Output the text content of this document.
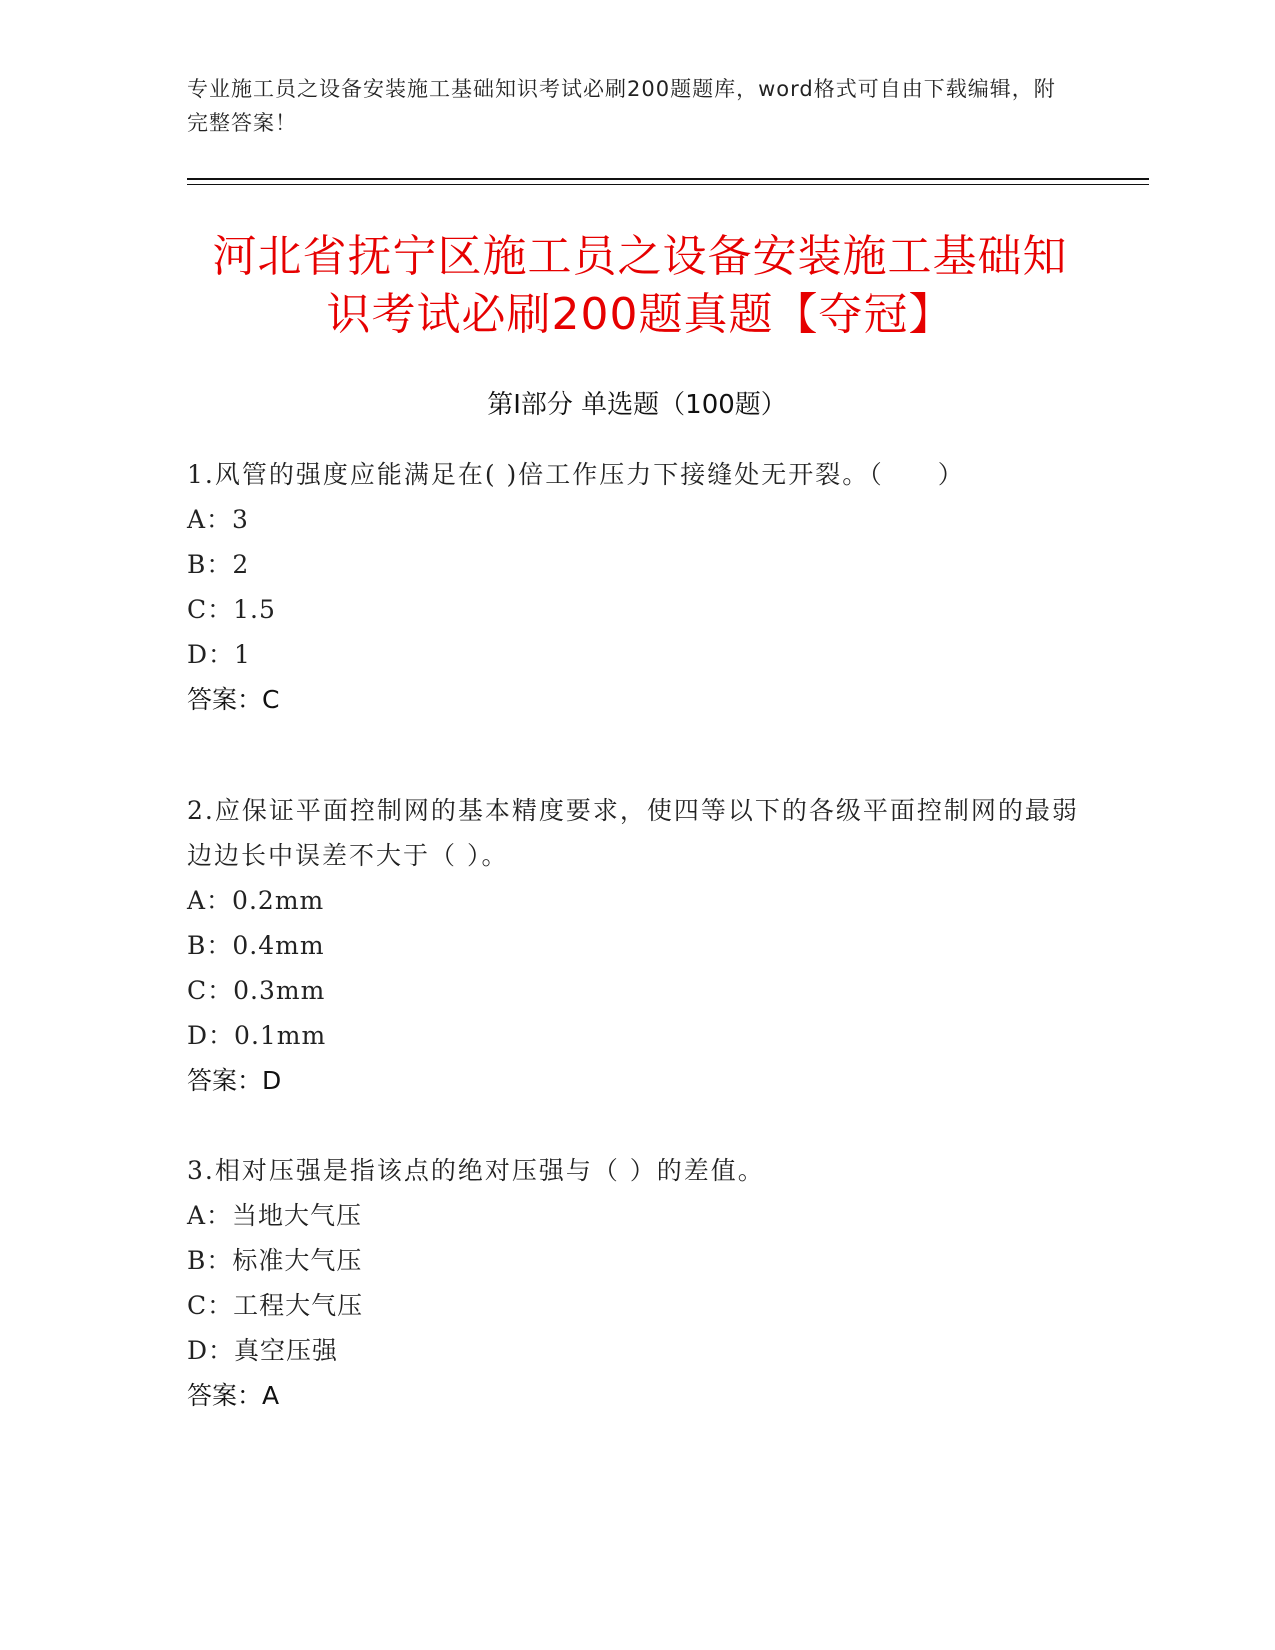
专业施工员之设备安装施工基础知识考试必刷200题题库，word格式可自由下载编辑，附完整答案！
河北省抚宁区施工员之设备安装施工基础知
识考试必刷200题真题【夺冠】
第I部分 单选题（100题）
1.风管的强度应能满足在( )倍工作压力下接缝处无开裂。（　　）
A：3
B：2
C：1.5
D：1
答案：C
2.应保证平面控制网的基本精度要求，使四等以下的各级平面控制网的最弱边边长中误差不大于（ ）。
A：0.2mm
B：0.4mm
C：0.3mm
D：0.1mm
答案：D
3.相对压强是指该点的绝对压强与（ ）的差值。
A：当地大气压
B：标准大气压
C：工程大气压
D：真空压强
答案：A
